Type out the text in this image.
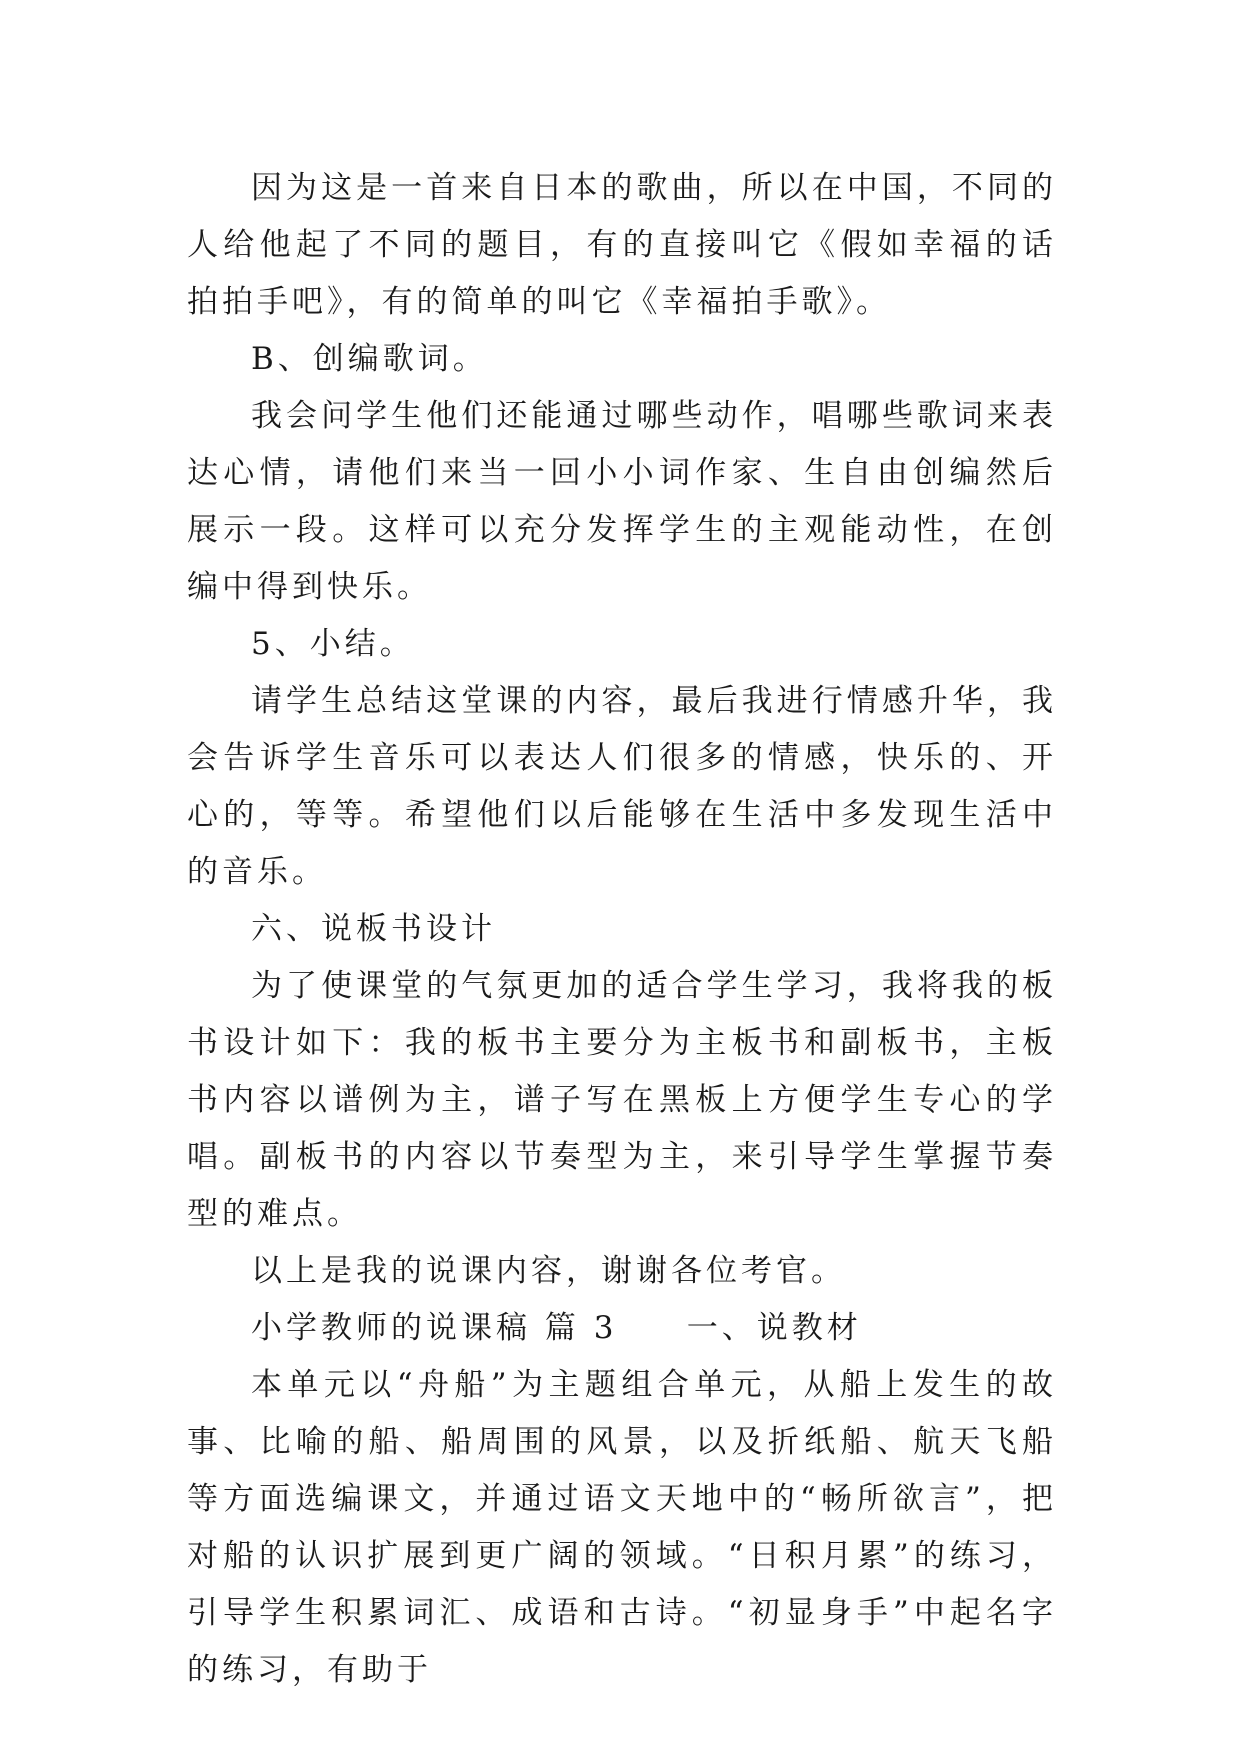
因为这是一首来自日本的歌曲，所以在中国，不同的人给他起了不同的题目，有的直接叫它《假如幸福的话拍拍手吧》，有的简单的叫它《幸福拍手歌》。

B、创编歌词。

我会问学生他们还能通过哪些动作，唱哪些歌词来表达心情，请他们来当一回小小词作家、生自由创编然后展示一段。这样可以充分发挥学生的主观能动性，在创编中得到快乐。

5、小结。

请学生总结这堂课的内容，最后我进行情感升华，我会告诉学生音乐可以表达人们很多的情感，快乐的、开心的，等等。希望他们以后能够在生活中多发现生活中的音乐。

六、说板书设计

为了使课堂的气氛更加的适合学生学习，我将我的板书设计如下：我的板书主要分为主板书和副板书，主板书内容以谱例为主，谱子写在黑板上方便学生专心的学唱。副板书的内容以节奏型为主，来引导学生掌握节奏型的难点。

以上是我的说课内容，谢谢各位考官。

小学教师的说课稿 篇 3 一、说教材

本单元以“舟船”为主题组合单元，从船上发生的故事、比喻的船、船周围的风景，以及折纸船、航天飞船等方面选编课文，并通过语文天地中的“畅所欲言”，把对船的认识扩展到更广阔的领域。“日积月累”的练习，引导学生积累词汇、成语和古诗。“初显身手”中起名字的练习，有助于
